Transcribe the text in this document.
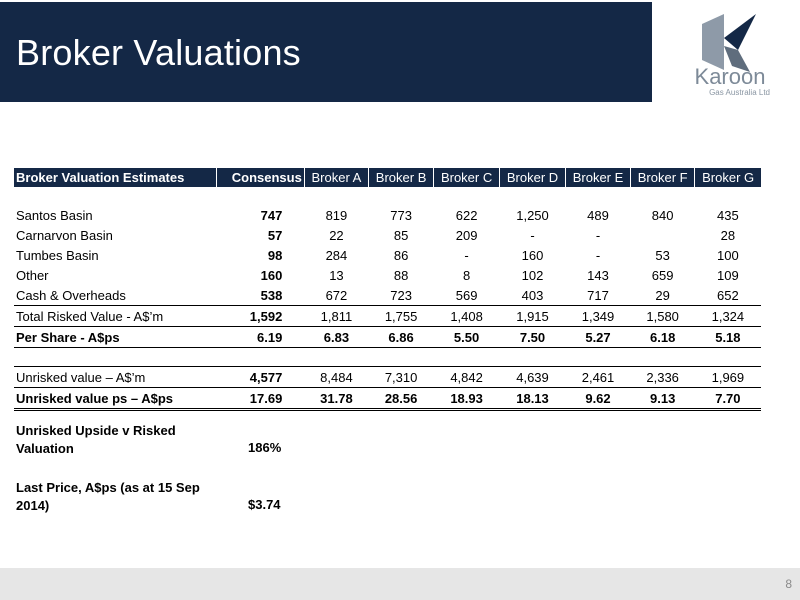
Broker Valuations
Karoon
Gas Australia Ltd
Broker Valuation Estimates	Consensus	Broker A	Broker B	Broker C	Broker D	Broker E	Broker F	Broker G

Santos Basin	747	819	773	622	1,250	489	840	435
Carnarvon Basin	57	22	85	209	-	-		28
Tumbes Basin	98	284	86	-	160	-	53	100
Other	160	13	88	8	102	143	659	109
Cash & Overheads	538	672	723	569	403	717	29	652
Total Risked Value - A$’m	1,592	1,811	1,755	1,408	1,915	1,349	1,580	1,324
Per Share - A$ps	6.19	6.83	6.86	5.50	7.50	5.27	6.18	5.18

Unrisked value – A$’m	4,577	8,484	7,310	4,842	4,639	2,461	2,336	1,969
Unrisked value ps – A$ps	17.69	31.78	28.56	18.93	18.13	9.62	9.13	7.70
Unrisked Upside v Risked
Valuation	186%
Last Price, A$ps (as at 15 Sep
2014)	$3.74
8
